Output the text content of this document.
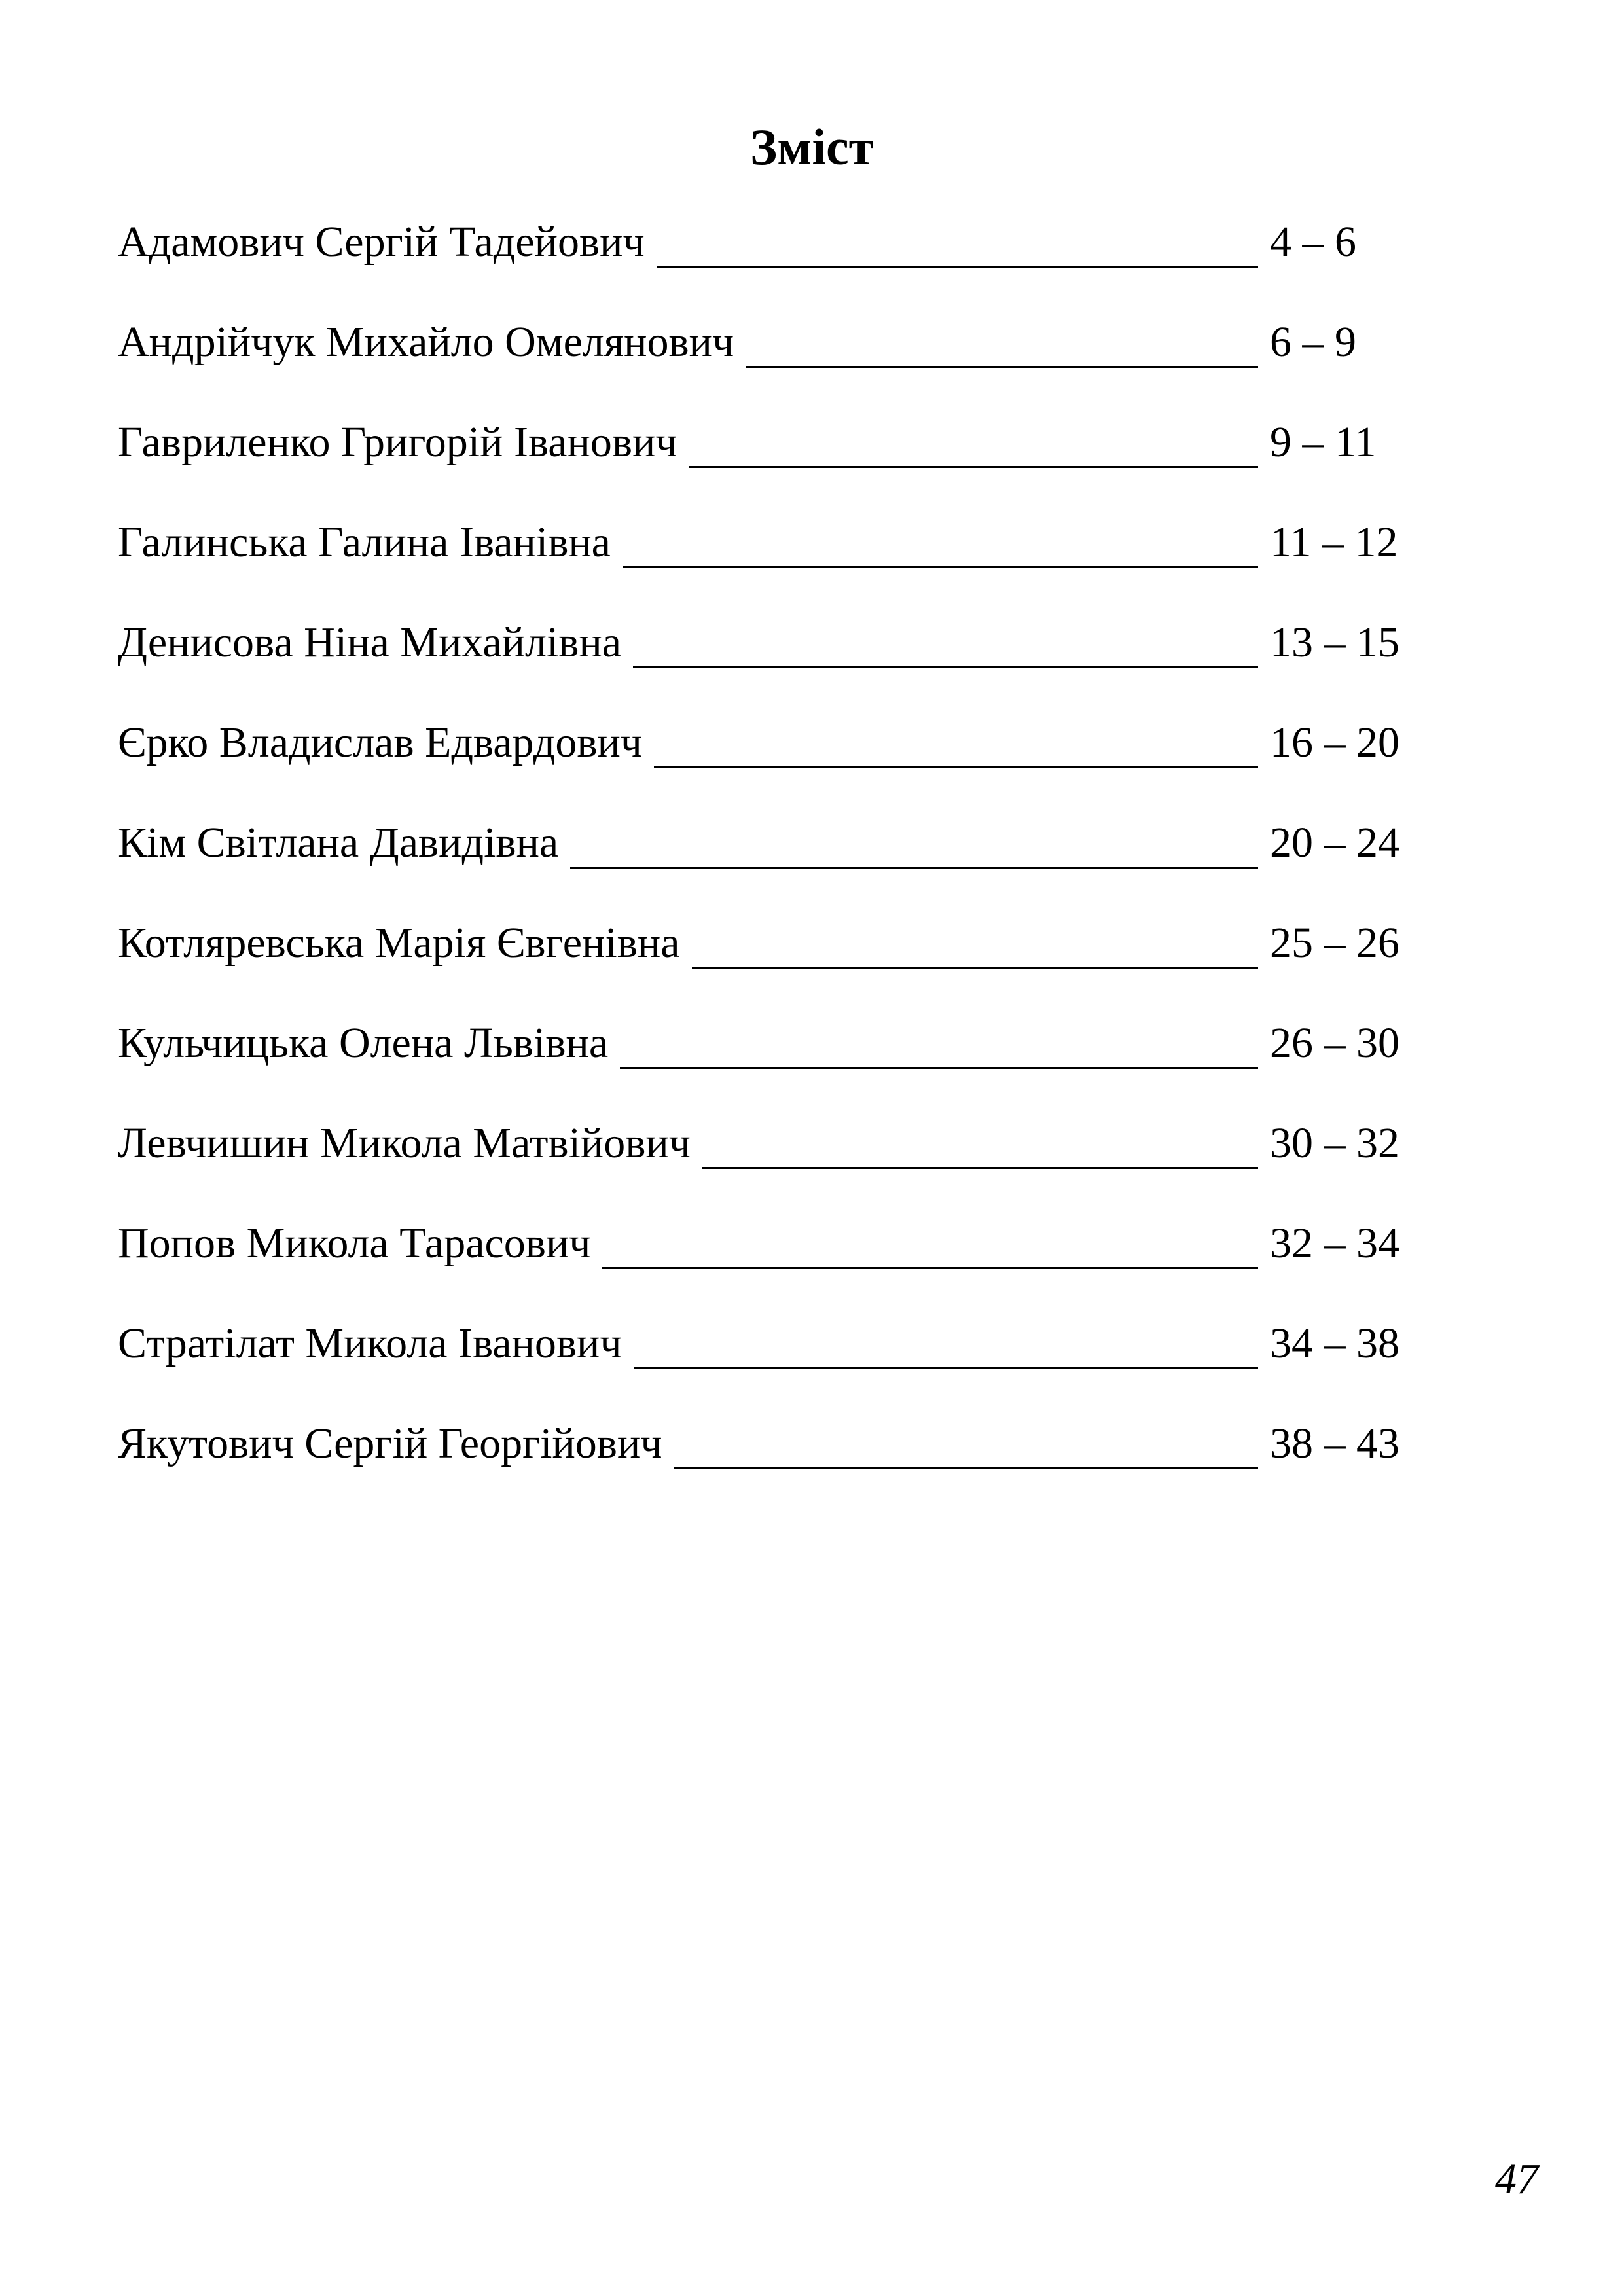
Зміст
Адамович Сергій Тадейович	4 – 6
Андрійчук Михайло Омелянович	6 – 9
Гавриленко Григорій Іванович	9 – 11
Галинська Галина Іванівна	11 – 12
Денисова Ніна Михайлівна	13 – 15
Єрко Владислав Едвардович	16 – 20
Кім Світлана Давидівна	20 – 24
Котляревська Марія Євгенівна	25 – 26
Кульчицька Олена Львівна	26 – 30
Левчишин Микола Матвійович	30 – 32
Попов Микола Тарасович	32 – 34
Стратілат Микола Іванович	34 – 38
Якутович Сергій Георгійович	38 – 43
47
